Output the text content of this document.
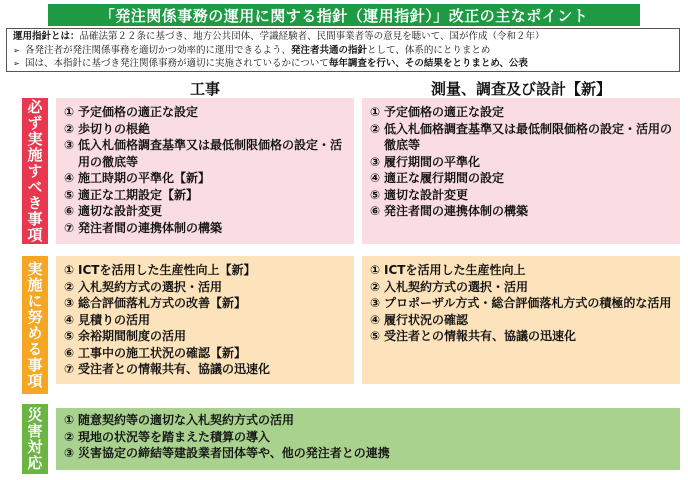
「発注関係事務の運用に関する指針（運用指針）」改正の主なポイント
運用指針とは：品確法第２２条に基づき、地方公共団体、学識経験者、民間事業者等の意見を聴いて、国が作成（令和２年）
➢ 各発注者が発注関係事務を適切かつ効率的に運用できるよう、発注者共通の指針として、体系的にとりまとめ
➢ 国は、本指針に基づき発注関係事務が適切に実施されているかについて毎年調査を行い、その結果をとりまとめ、公表
工事	測量、調査及び設計【新】
必ず実施すべき事項	① 予定価格の適正な設定
② 歩切りの根絶
③ 低入札価格調査基準又は最低制限価格の設定・活用の徹底等
④ 施工時期の平準化【新】
⑤ 適正な工期設定【新】
⑥ 適切な設計変更
⑦ 発注者間の連携体制の構築
① 予定価格の適正な設定
② 低入札価格調査基準又は最低制限価格の設定・活用の徹底等
③ 履行期間の平準化
④ 適正な履行期間の設定
⑤ 適切な設計変更
⑥ 発注者間の連携体制の構築
実施に努める事項	① ICTを活用した生産性向上【新】
② 入札契約方式の選択・活用
③ 総合評価落札方式の改善【新】
④ 見積りの活用
⑤ 余裕期間制度の活用
⑥ 工事中の施工状況の確認【新】
⑦ 受注者との情報共有、協議の迅速化
① ICTを活用した生産性向上
② 入札契約方式の選択・活用
③ プロポーザル方式・総合評価落札方式の積極的な活用
④ 履行状況の確認
⑤ 受注者との情報共有、協議の迅速化
災害対応	① 随意契約等の適切な入札契約方式の活用
② 現地の状況等を踏まえた積算の導入
③ 災害協定の締結等建設業者団体等や、他の発注者との連携
